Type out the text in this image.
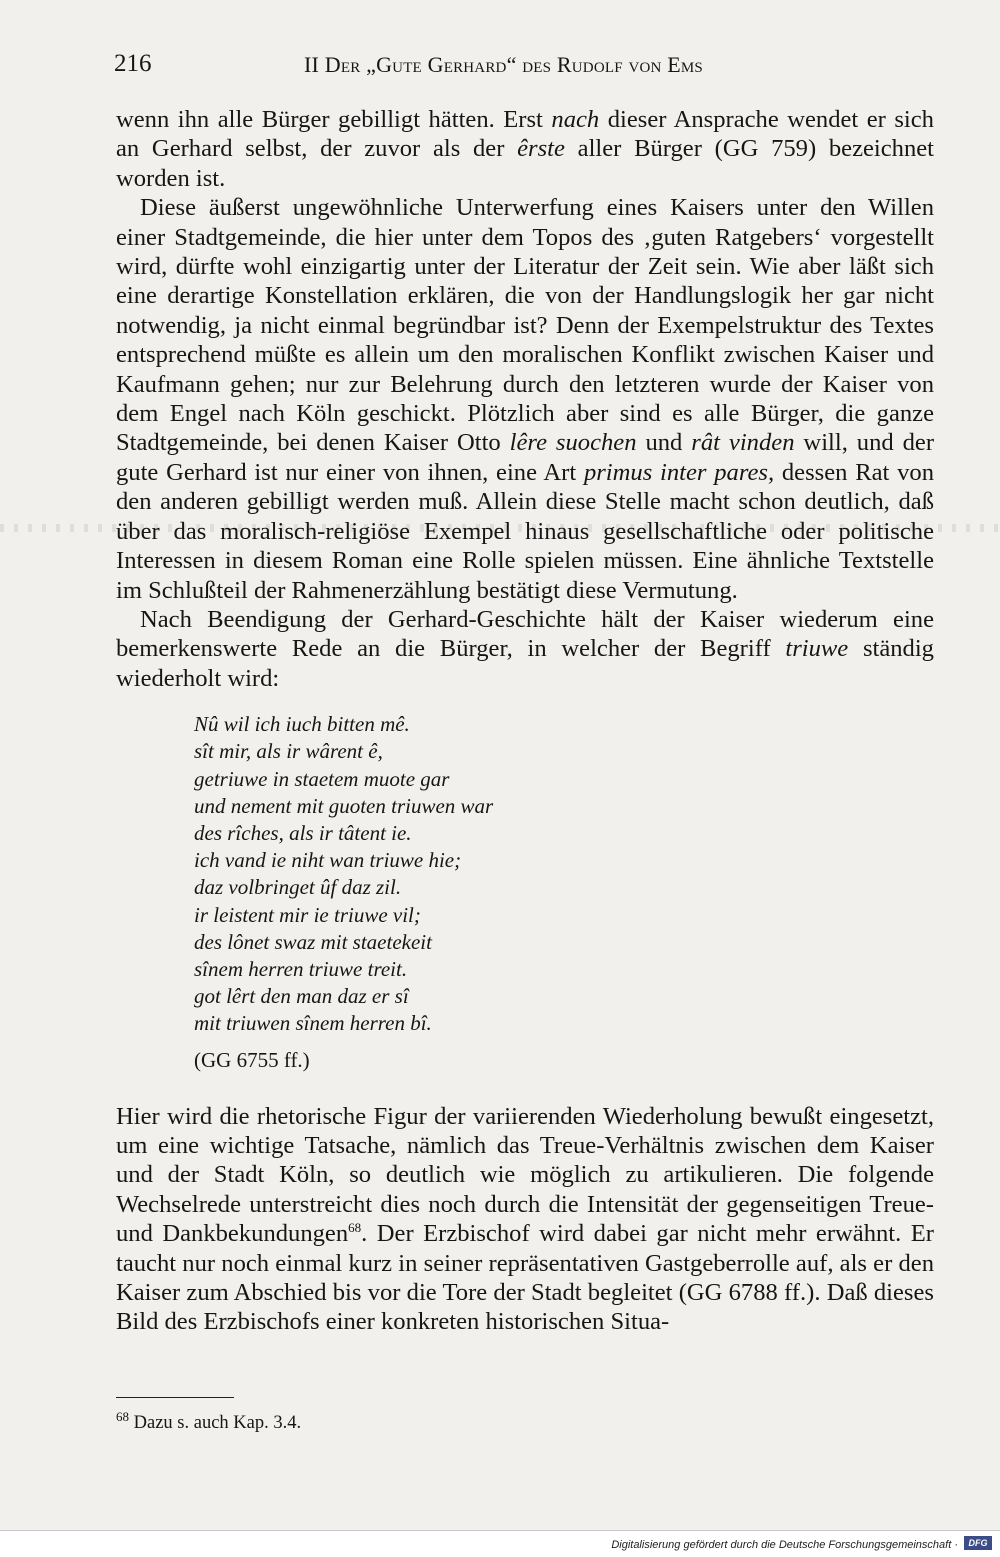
216	II Der „Gute Gerhard“ des Rudolf von Ems

wenn ihn alle Bürger gebilligt hätten. Erst nach dieser Ansprache wendet er sich an Gerhard selbst, der zuvor als der êrste aller Bürger (GG 759) bezeichnet worden ist.

Diese äußerst ungewöhnliche Unterwerfung eines Kaisers unter den Willen einer Stadtgemeinde, die hier unter dem Topos des ‚guten Ratgebers‘ vorgestellt wird, dürfte wohl einzigartig unter der Literatur der Zeit sein. Wie aber läßt sich eine derartige Konstellation erklären, die von der Handlungslogik her gar nicht notwendig, ja nicht einmal begründbar ist? Denn der Exempelstruktur des Textes entsprechend müßte es allein um den moralischen Konflikt zwischen Kaiser und Kaufmann gehen; nur zur Belehrung durch den letzteren wurde der Kaiser von dem Engel nach Köln geschickt. Plötzlich aber sind es alle Bürger, die ganze Stadtgemeinde, bei denen Kaiser Otto lêre suochen und rât vinden will, und der gute Gerhard ist nur einer von ihnen, eine Art primus inter pares, dessen Rat von den anderen gebilligt werden muß. Allein diese Stelle macht schon deutlich, daß über das moralisch-religiöse Exempel hinaus gesellschaftliche oder politische Interessen in diesem Roman eine Rolle spielen müssen. Eine ähnliche Textstelle im Schlußteil der Rahmenerzählung bestätigt diese Vermutung.

Nach Beendigung der Gerhard-Geschichte hält der Kaiser wiederum eine bemerkenswerte Rede an die Bürger, in welcher der Begriff triuwe ständig wiederholt wird:

Nû wil ich iuch bitten mê.
sît mir, als ir wârent ê,
getriuwe in staetem muote gar
und nement mit guoten triuwen war
des rîches, als ir tâtent ie.
ich vand ie niht wan triuwe hie;
daz volbringet ûf daz zil.
ir leistent mir ie triuwe vil;
des lônet swaz mit staetekeit
sînem herren triuwe treit.
got lêrt den man daz er sî
mit triuwen sînem herren bî.
(GG 6755 ff.)

Hier wird die rhetorische Figur der variierenden Wiederholung bewußt eingesetzt, um eine wichtige Tatsache, nämlich das Treue-Verhältnis zwischen dem Kaiser und der Stadt Köln, so deutlich wie möglich zu artikulieren. Die folgende Wechselrede unterstreicht dies noch durch die Intensität der gegenseitigen Treue- und Dankbekundungen$^{68}$. Der Erzbischof wird dabei gar nicht mehr erwähnt. Er taucht nur noch einmal kurz in seiner repräsentativen Gastgeberrolle auf, als er den Kaiser zum Abschied bis vor die Tore der Stadt begleitet (GG 6788 ff.). Daß dieses Bild des Erzbischofs einer konkreten historischen Situa-

$^{68}$ Dazu s. auch Kap. 3.4.
Digitalisierung gefördert durch die Deutsche Forschungsgemeinschaft ·	DFG
